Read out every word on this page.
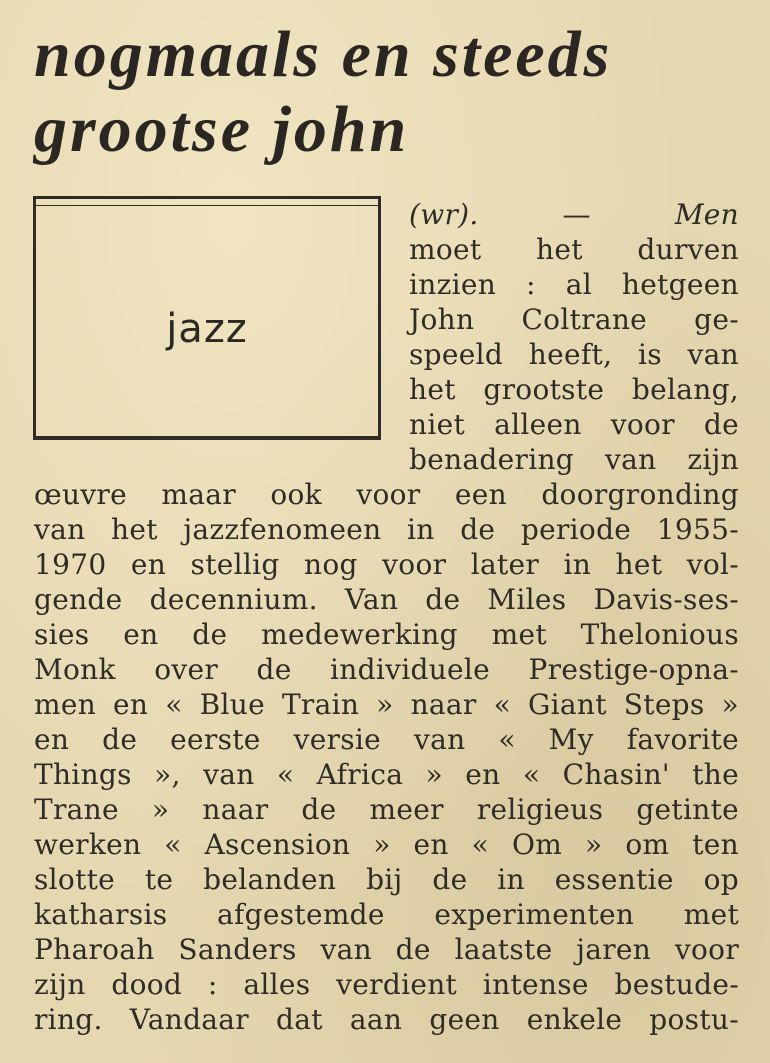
nogmaals en steeds
grootse john
jazz
(wr). — Men
moet het durven
inzien : al hetgeen
John Coltrane ge-
speeld heeft, is van
het grootste belang,
niet alleen voor de
benadering van zijn
œuvre maar ook voor een doorgronding
van het jazzfenomeen in de periode 1955-
1970 en stellig nog voor later in het vol-
gende decennium. Van de Miles Davis-ses-
sies en de medewerking met Thelonious
Monk over de individuele Prestige-opna-
men en « Blue Train » naar « Giant Steps »
en de eerste versie van « My favorite
Things », van « Africa » en « Chasin' the
Trane » naar de meer religieus getinte
werken « Ascension » en « Om » om ten
slotte te belanden bij de in essentie op
katharsis afgestemde experimenten met
Pharoah Sanders van de laatste jaren voor
zijn dood : alles verdient intense bestude-
ring. Vandaar dat aan geen enkele postu-
